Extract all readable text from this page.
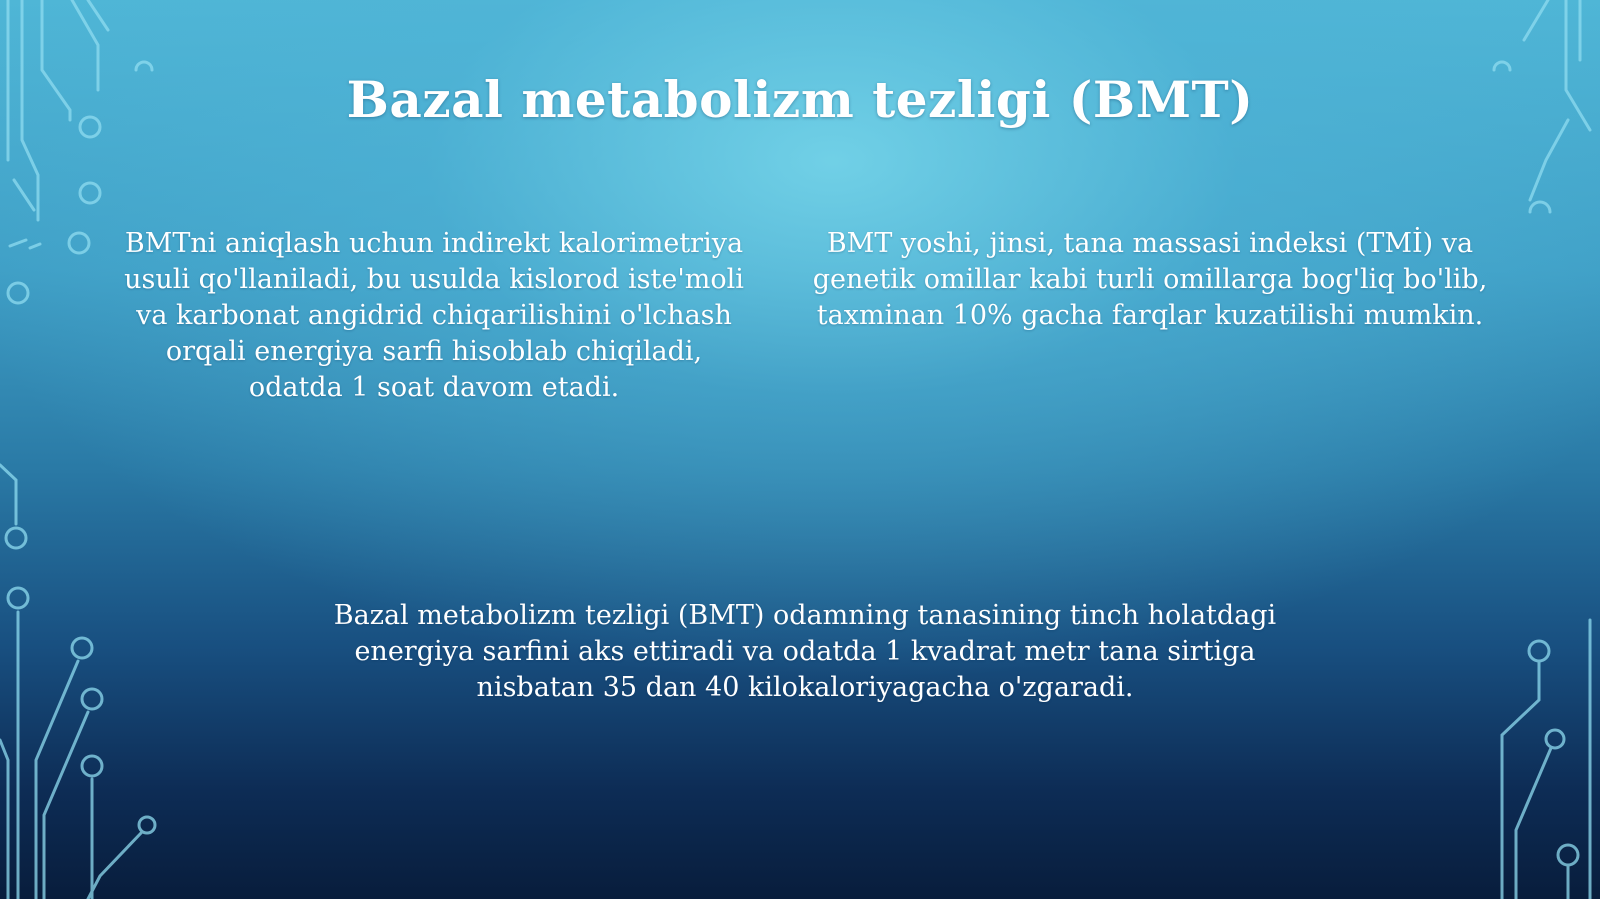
Bazal metabolizm tezligi (BMT)

BMTni aniqlash uchun indirekt kalorimetriya usuli qo'llaniladi, bu usulda kislorod iste'moli va karbonat angidrid chiqarilishini o'lchash orqali energiya sarfi hisoblab chiqiladi, odatda 1 soat davom etadi.

BMT yoshi, jinsi, tana massasi indeksi (TMİ) va genetik omillar kabi turli omillarga bog'liq bo'lib, taxminan 10% gacha farqlar kuzatilishi mumkin.

Bazal metabolizm tezligi (BMT) odamning tanasining tinch holatdagi energiya sarfini aks ettiradi va odatda 1 kvadrat metr tana sirtiga nisbatan 35 dan 40 kilokaloriyagacha o'zgaradi.
